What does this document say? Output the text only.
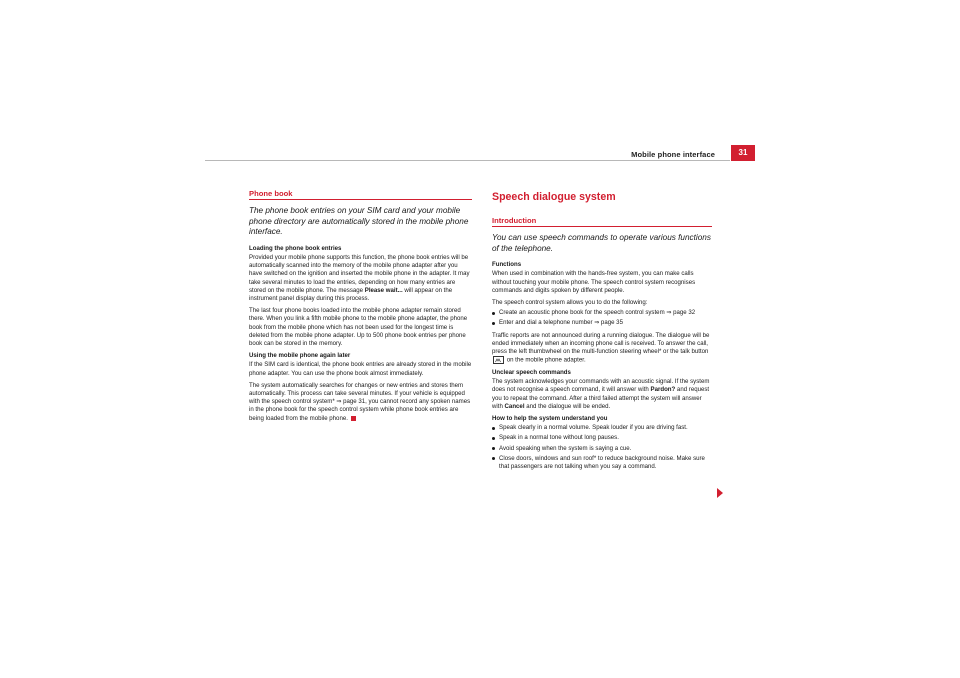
Mobile phone interface	31
Phone book
The phone book entries on your SIM card and your mobile phone directory are automatically stored in the mobile phone interface.
Loading the phone book entries

Provided your mobile phone supports this function, the phone book entries will be automatically scanned into the memory of the mobile phone adapter after you have switched on the ignition and inserted the mobile phone in the adapter. It may take several minutes to load the entries, depending on how many entries are stored on the mobile phone. The message Please wait... will appear on the instrument panel display during this process.

The last four phone books loaded into the mobile phone adapter remain stored there. When you link a fifth mobile phone to the mobile phone adapter, the phone book from the mobile phone which has not been used for the longest time is deleted from the mobile phone adapter. Up to 500 phone book entries per phone book can be stored in the memory.

Using the mobile phone again later

If the SIM card is identical, the phone book entries are already stored in the mobile phone adapter. You can use the phone book almost immediately.

The system automatically searches for changes or new entries and stores them automatically. This process can take several minutes. If your vehicle is equipped with the speech control system* ⇒ page 31, you cannot record any spoken names in the phone book for the speech control system while phone book entries are being loaded from the mobile phone.

Speech dialogue system
Introduction
You can use speech commands to operate various functions of the telephone.
Functions

When used in combination with the hands-free system, you can make calls without touching your mobile phone. The speech control system recognises commands and digits spoken by different people.

The speech control system allows you to do the following:

Create an acoustic phone book for the speech control system ⇒ page 32
Enter and dial a telephone number ⇒ page 35

Traffic reports are not announced during a running dialogue. The dialogue will be ended immediately when an incoming phone call is received. To answer the call, press the left thumbwheel on the multi-function steering wheel* or the talk button
on the mobile phone adapter.

Unclear speech commands

The system acknowledges your commands with an acoustic signal. If the system does not recognise a speech command, it will answer with Pardon? and request you to repeat the command. After a third failed attempt the system will answer with Cancel and the dialogue will be ended.

How to help the system understand you
Speak clearly in a normal volume. Speak louder if you are driving fast.
Speak in a normal tone without long pauses.
Avoid speaking when the system is saying a cue.
Close doors, windows and sun roof* to reduce background noise. Make sure that passengers are not talking when you say a command.
